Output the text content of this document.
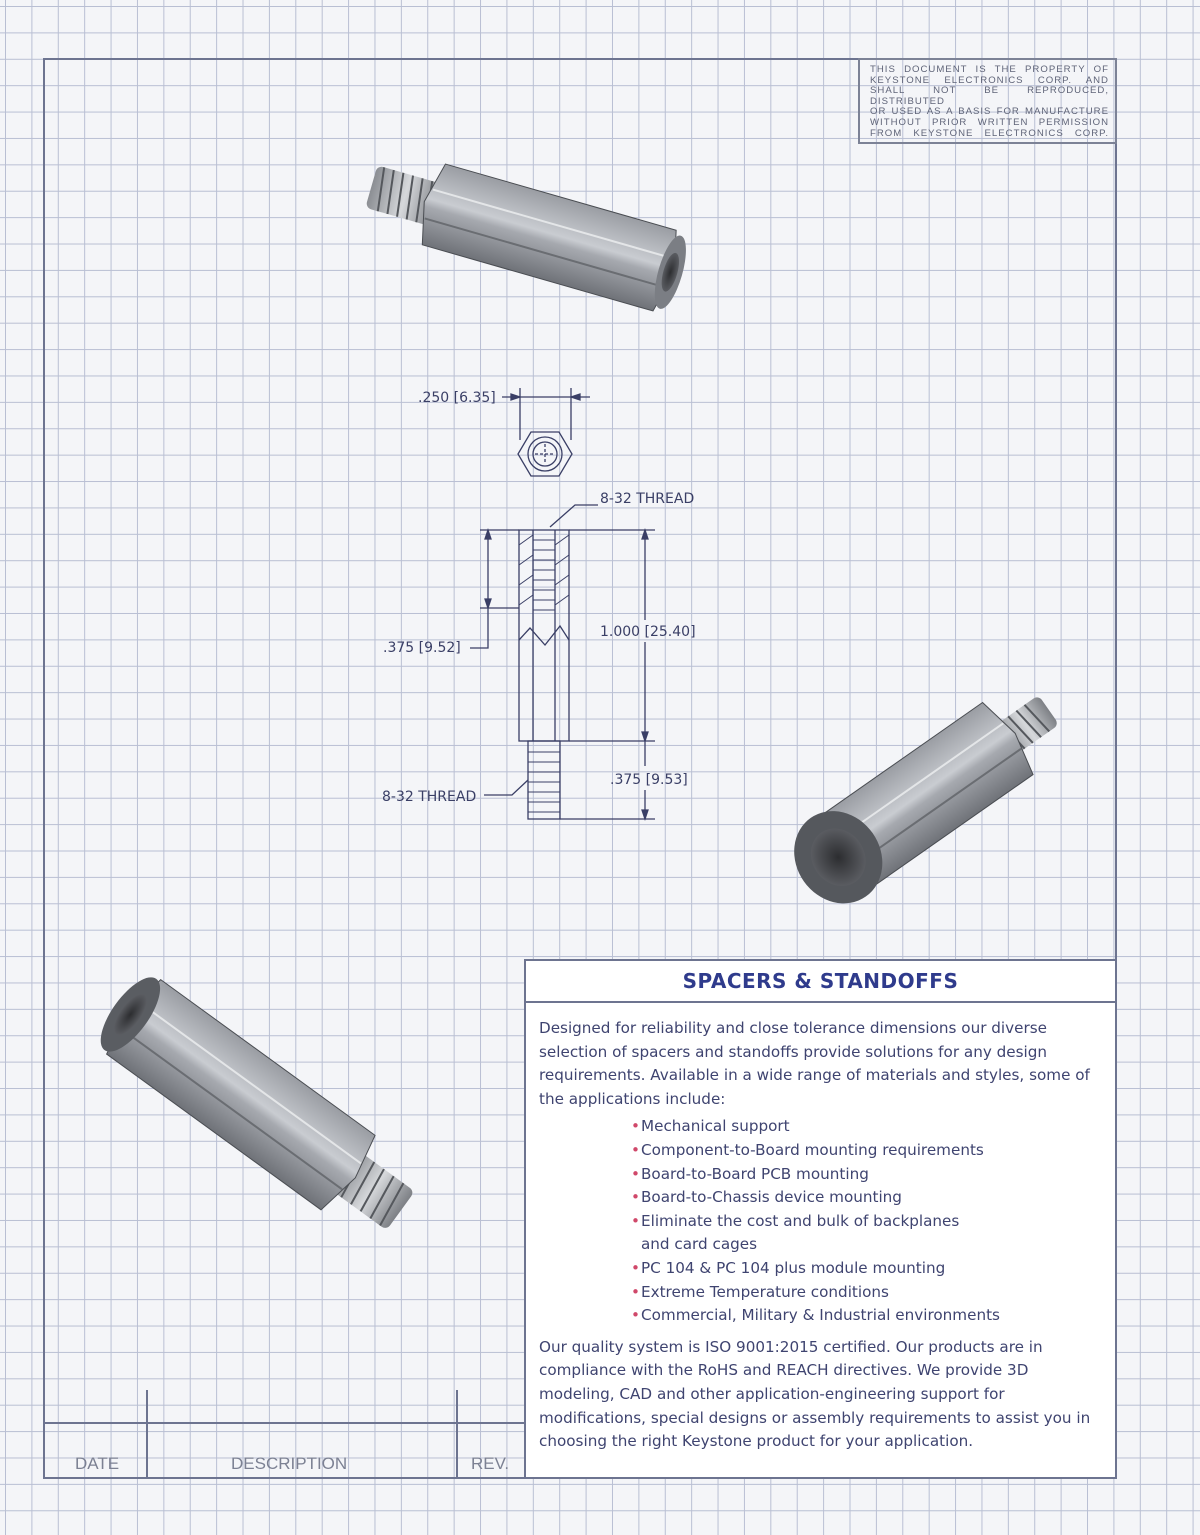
THIS DOCUMENT IS THE PROPERTY OF
KEYSTONE ELECTRONICS CORP. AND
SHALL NOT BE REPRODUCED, DISTRIBUTED
OR USED AS A BASIS FOR MANUFACTURE
WITHOUT PRIOR WRITTEN PERMISSION
FROM KEYSTONE ELECTRONICS CORP.
.250 [6.35]
8-32 THREAD
.375 [9.52]
1.000 [25.40]
.375 [9.53]
8-32 THREAD
DATE	DESCRIPTION	REV.
SPACERS & STANDOFFS

Designed for reliability and close tolerance dimensions our diverse selection of spacers and standoffs provide solutions for any design requirements. Available in a wide range of materials and styles, some of the applications include:

• Mechanical support
• Component-to-Board mounting requirements
• Board-to-Board PCB mounting
• Board-to-Chassis device mounting
• Eliminate the cost and bulk of backplanes and card cages
• PC 104 & PC 104 plus module mounting
• Extreme Temperature conditions
• Commercial, Military & Industrial environments

Our quality system is ISO 9001:2015 certified. Our products are in compliance with the RoHS and REACH directives. We provide 3D modeling, CAD and other application-engineering support for modifications, special designs or assembly requirements to assist you in choosing the right Keystone product for your application.
